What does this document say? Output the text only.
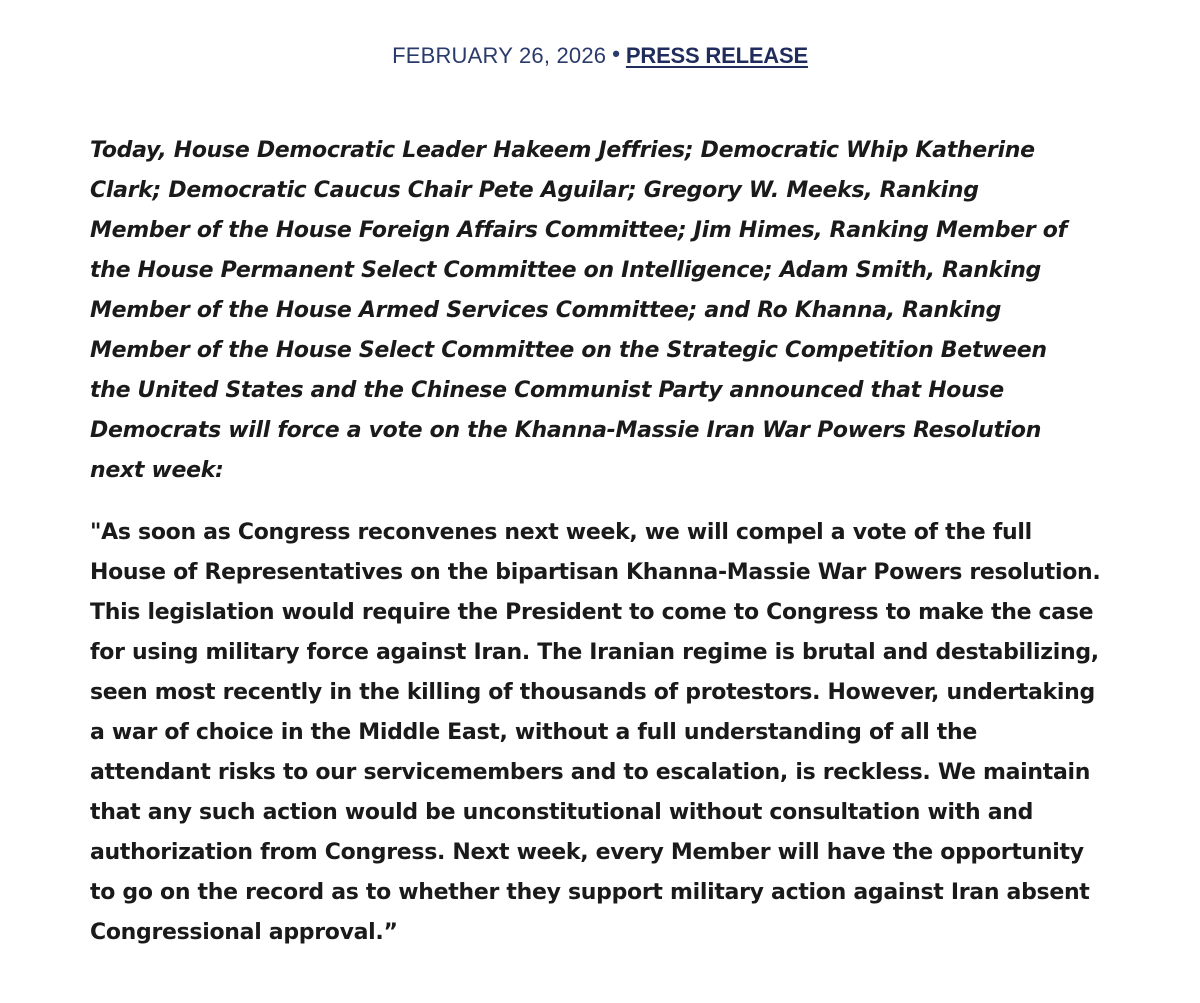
FEBRUARY 26, 2026 • PRESS RELEASE

Today, House Democratic Leader Hakeem Jeffries; Democratic Whip Katherine
Clark; Democratic Caucus Chair Pete Aguilar; Gregory W. Meeks, Ranking
Member of the House Foreign Affairs Committee; Jim Himes, Ranking Member of
the House Permanent Select Committee on Intelligence; Adam Smith, Ranking
Member of the House Armed Services Committee; and Ro Khanna, Ranking
Member of the House Select Committee on the Strategic Competition Between
the United States and the Chinese Communist Party announced that House
Democrats will force a vote on the Khanna-Massie Iran War Powers Resolution
next week:

"As soon as Congress reconvenes next week, we will compel a vote of the full
House of Representatives on the bipartisan Khanna-Massie War Powers resolution.
This legislation would require the President to come to Congress to make the case
for using military force against Iran. The Iranian regime is brutal and destabilizing,
seen most recently in the killing of thousands of protestors. However, undertaking
a war of choice in the Middle East, without a full understanding of all the
attendant risks to our servicemembers and to escalation, is reckless. We maintain
that any such action would be unconstitutional without consultation with and
authorization from Congress. Next week, every Member will have the opportunity
to go on the record as to whether they support military action against Iran absent
Congressional approval.”
